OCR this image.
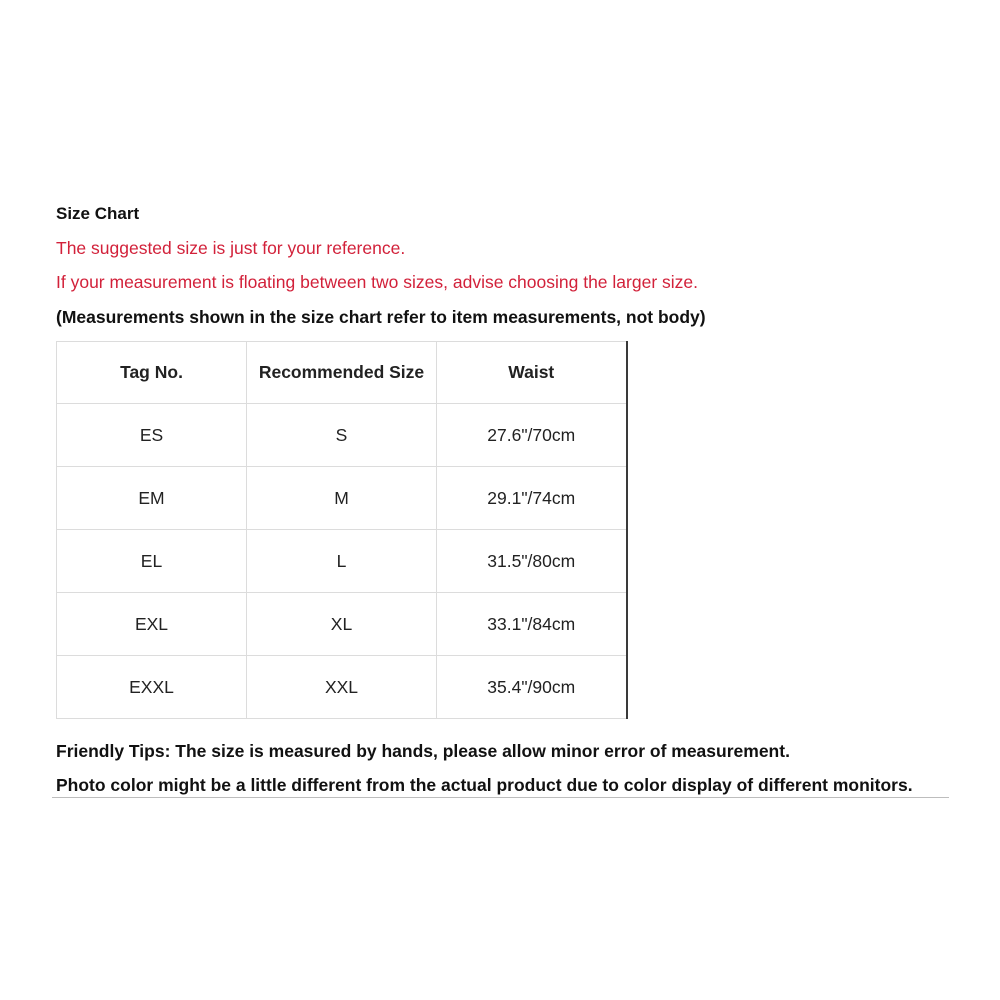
Size Chart
The suggested size is just for your reference.
If your measurement is floating between two sizes, advise choosing the larger size.
(Measurements shown in the size chart refer to item measurements, not body)
Tag No.	Recommended Size	Waist
ES	S	27.6"/70cm
EM	M	29.1"/74cm
EL	L	31.5"/80cm
EXL	XL	33.1"/84cm
EXXL	XXL	35.4"/90cm
Friendly Tips: The size is measured by hands, please allow minor error of measurement.
Photo color might be a little different from the actual product due to color display of different monitors.
